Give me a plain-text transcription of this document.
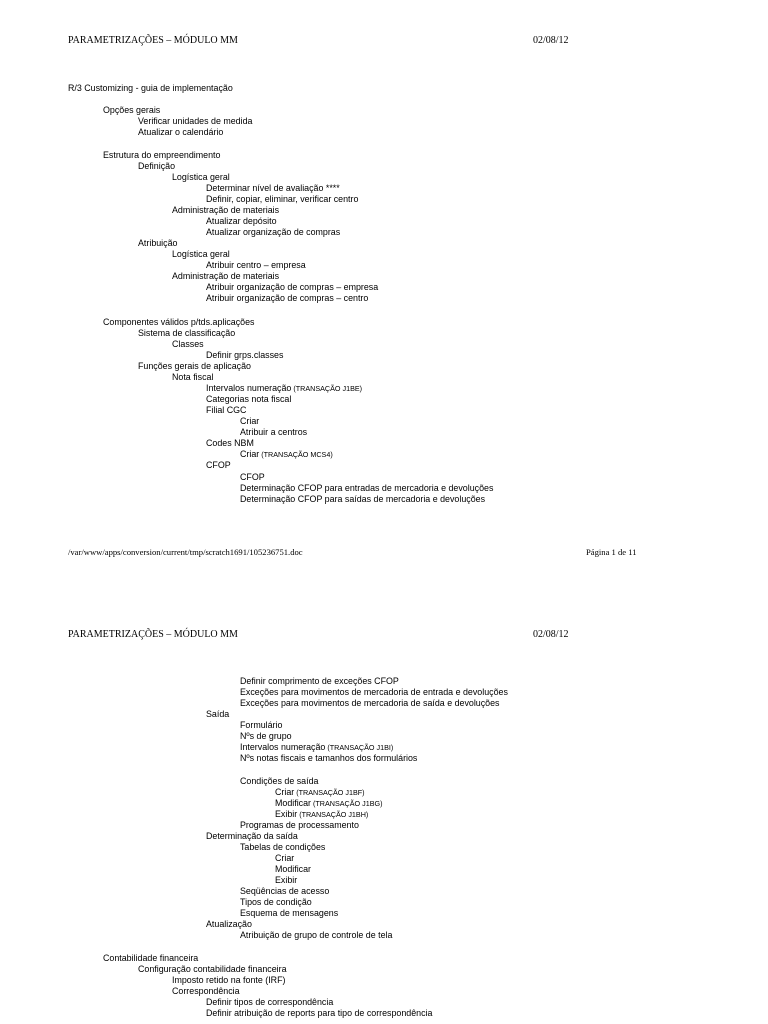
PARAMETRIZAÇÕES – MÓDULO MM	02/08/12
R/3 Customizing - guia de implementação
Opções gerais
Verificar unidades de medida
Atualizar o calendário
Estrutura do empreendimento
Definição
Logística geral
Determinar nível de avaliação ****
Definir, copiar, eliminar, verificar centro
Administração de materiais
Atualizar depósito
Atualizar organização de compras
Atribuição
Logística geral
Atribuir centro – empresa
Administração de materiais
Atribuir organização de compras – empresa
Atribuir organização de compras – centro
Componentes válidos p/tds.aplicações
Sistema de classificação
Classes
Definir grps.classes
Funções gerais de aplicação
Nota fiscal
Intervalos numeração (TRANSAÇÃO J1BE)
Categorias nota fiscal
Filial CGC
Criar
Atribuir a centros
Codes NBM
Criar (TRANSAÇÃO MCS4)
CFOP
CFOP
Determinação CFOP para entradas de mercadoria e devoluções
Determinação CFOP para saídas de mercadoria e devoluções
/var/www/apps/conversion/current/tmp/scratch1691/105236751.doc	Página 1 de 11
PARAMETRIZAÇÕES – MÓDULO MM	02/08/12
Definir comprimento de exceções CFOP
Exceções para movimentos de mercadoria de entrada e devoluções
Exceções para movimentos de mercadoria de saída e devoluções
Saída
Formulário
Nºs de grupo
Intervalos numeração (TRANSAÇÃO J1BI)
Nºs notas fiscais e tamanhos dos formulários
Condições de saída
Criar (TRANSAÇÃO J1BF)
Modificar (TRANSAÇÃO J1BG)
Exibir (TRANSAÇÃO J1BH)
Programas de processamento
Determinação da saída
Tabelas de condições
Criar
Modificar
Exibir
Seqüências de acesso
Tipos de condição
Esquema de mensagens
Atualização
Atribuição de grupo de controle de tela
Contabilidade financeira
Configuração contabilidade financeira
Imposto retido na fonte (IRF)
Correspondência
Definir tipos de correspondência
Definir atribuição de reports para tipo de correspondência
